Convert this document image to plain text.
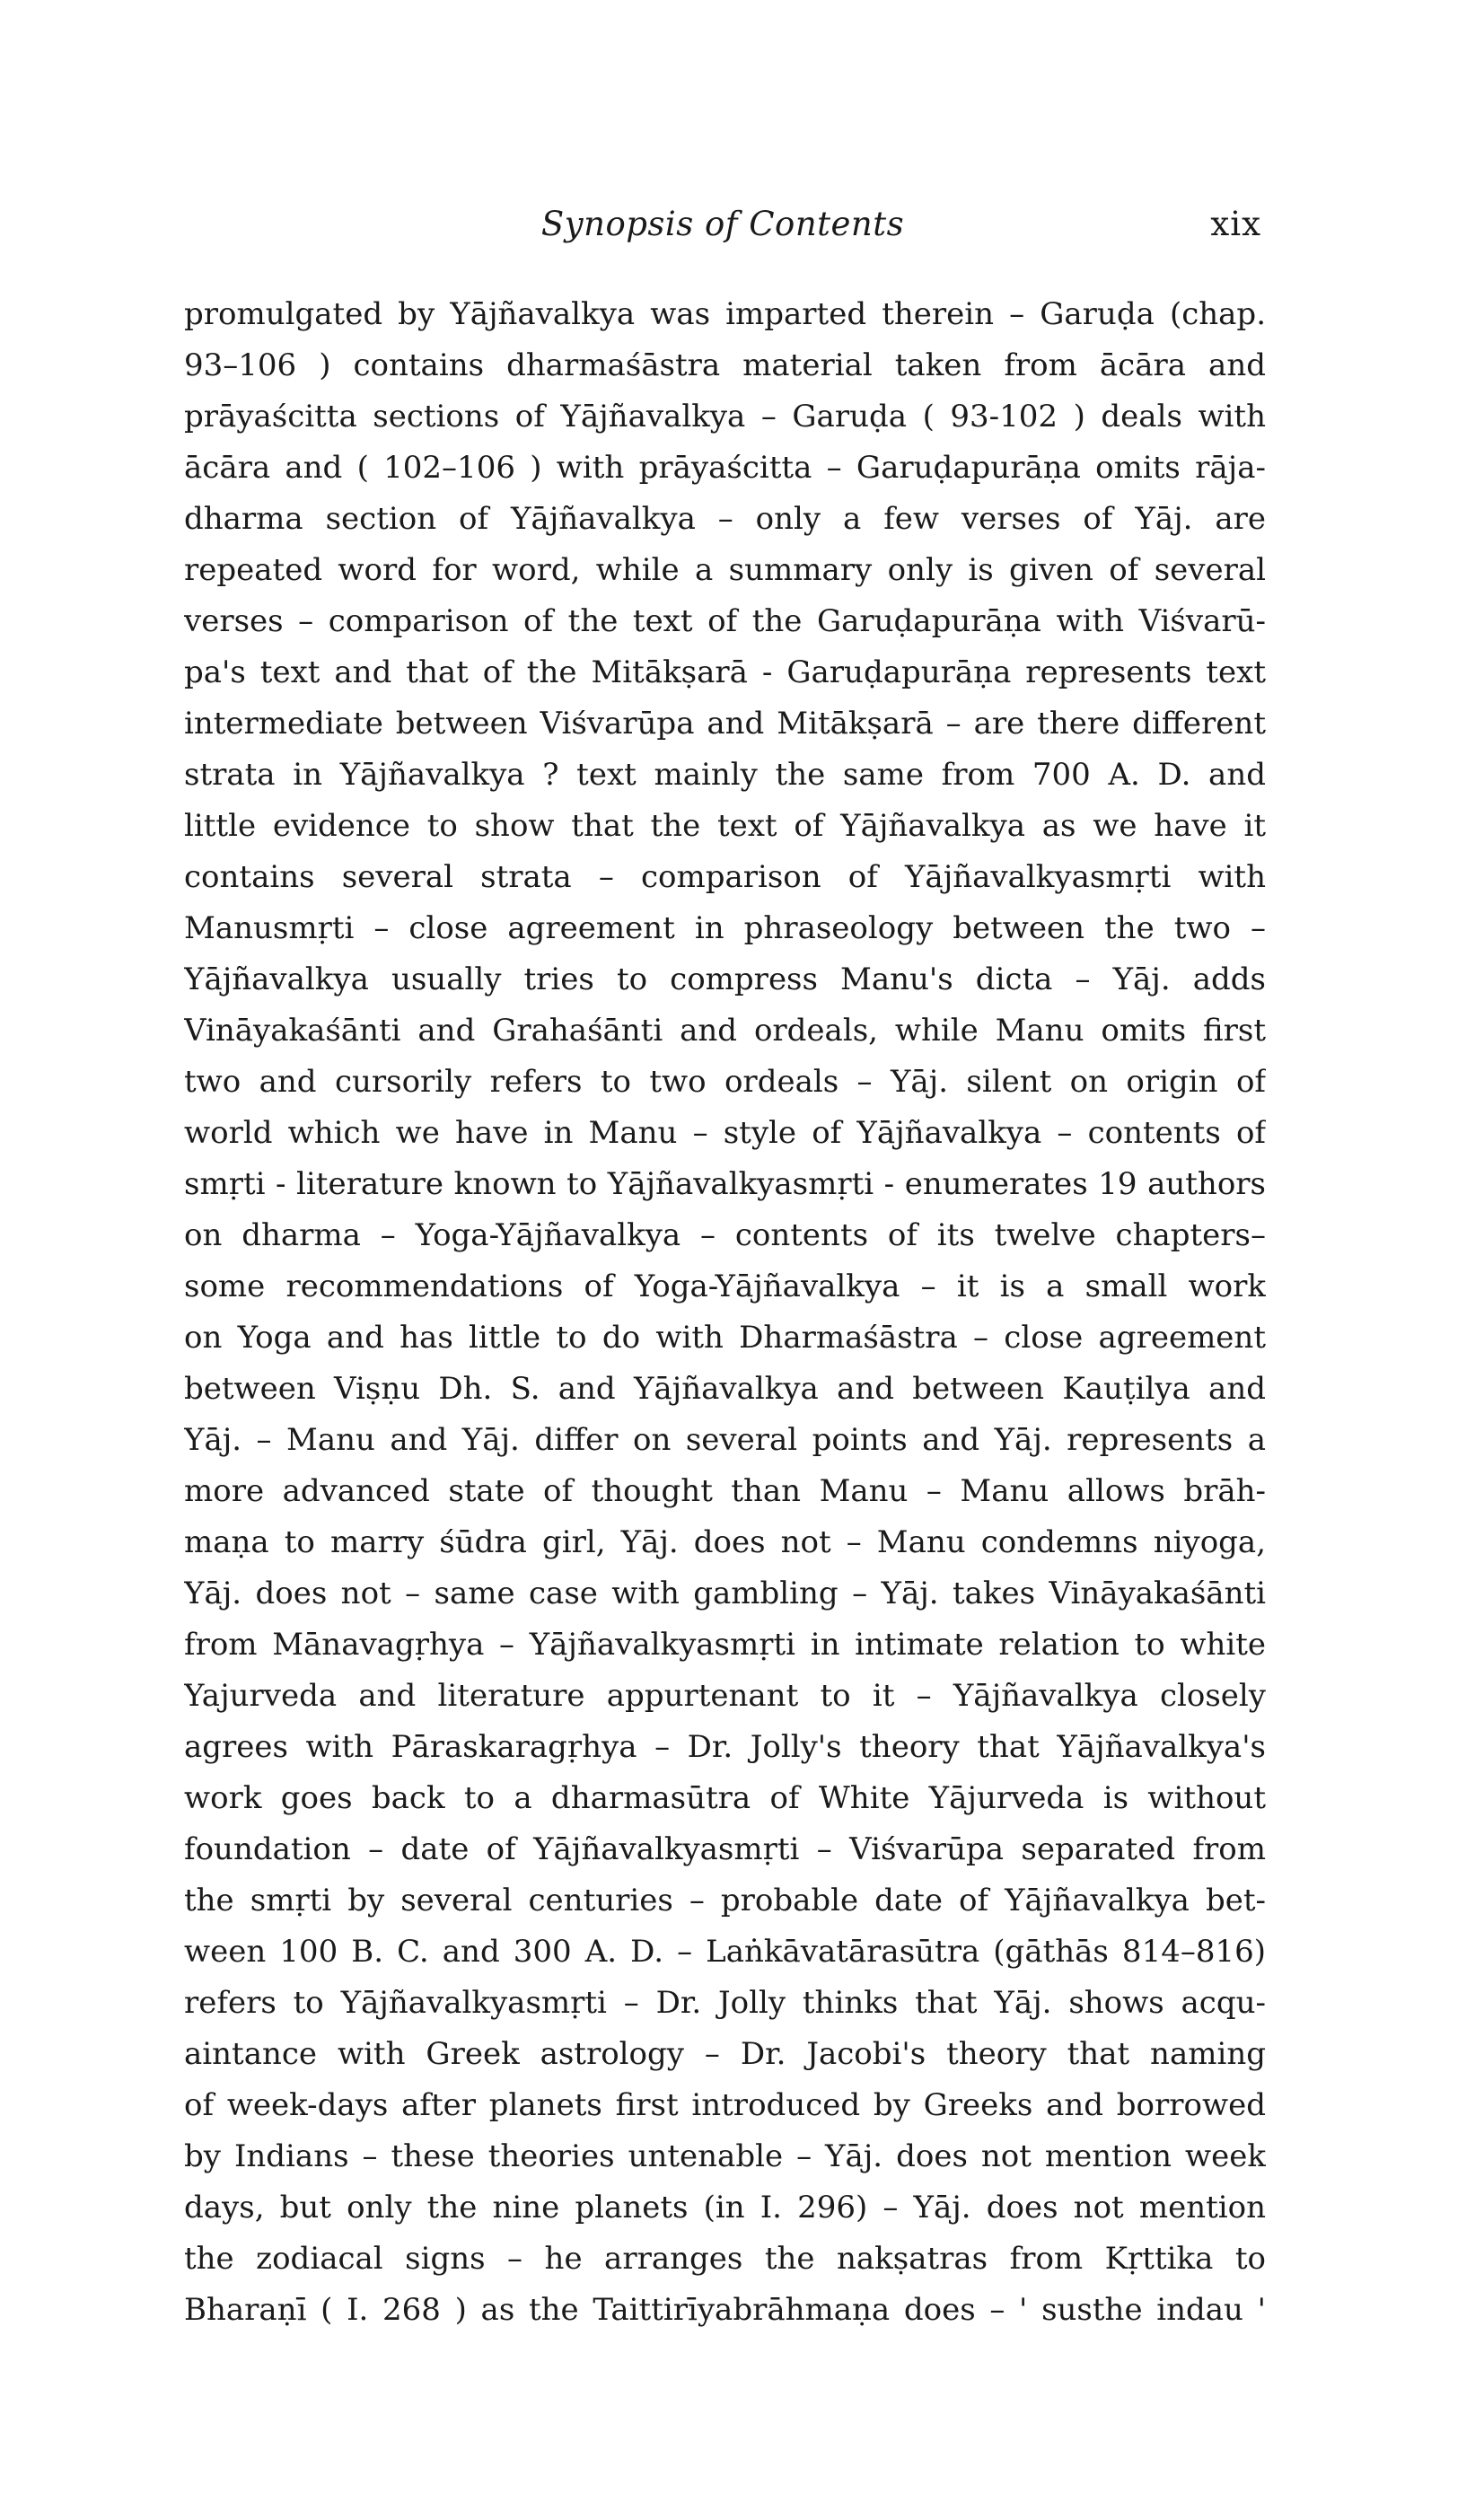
Synopsis of Contents	xix
promulgated by Yājñavalkya was imparted therein – Garuḍa (chap.
93–106 ) contains dharmaśāstra material taken from ācāra and
prāyaścitta sections of Yājñavalkya – Garuḍa ( 93-102 ) deals with
ācāra and ( 102–106 ) with prāyaścitta – Garuḍapurāṇa omits rāja-
dharma section of Yājñavalkya – only a few verses of Yāj. are
repeated word for word, while a summary only is given of several
verses – comparison of the text of the Garuḍapurāṇa with Viśvarū-
pa's text and that of the Mitākṣarā - Garuḍapurāṇa represents text
intermediate between Viśvarūpa and Mitākṣarā – are there different
strata in Yājñavalkya ? text mainly the same from 700 A. D. and
little evidence to show that the text of Yājñavalkya as we have it
contains several strata – comparison of Yājñavalkyasmṛti with
Manusmṛti – close agreement in phraseology between the two –
Yājñavalkya usually tries to compress Manu's dicta – Yāj. adds
Vināyakaśānti and Grahaśānti and ordeals, while Manu omits first
two and cursorily refers to two ordeals – Yāj. silent on origin of
world which we have in Manu – style of Yājñavalkya – contents of
smṛti - literature known to Yājñavalkyasmṛti - enumerates 19 authors
on dharma – Yoga-Yājñavalkya – contents of its twelve chapters–
some recommendations of Yoga-Yājñavalkya – it is a small work
on Yoga and has little to do with Dharmaśāstra – close agreement
between Viṣṇu Dh. S. and Yājñavalkya and between Kauṭilya and
Yāj. – Manu and Yāj. differ on several points and Yāj. represents a
more advanced state of thought than Manu – Manu allows brāh-
maṇa to marry śūdra girl, Yāj. does not – Manu condemns niyoga,
Yāj. does not – same case with gambling – Yāj. takes Vināyakaśānti
from Mānavagṛhya – Yājñavalkyasmṛti in intimate relation to white
Yajurveda and literature appurtenant to it – Yājñavalkya closely
agrees with Pāraskaragṛhya – Dr. Jolly's theory that Yājñavalkya's
work goes back to a dharmasūtra of White Yājurveda is without
foundation – date of Yājñavalkyasmṛti – Viśvarūpa separated from
the smṛti by several centuries – probable date of Yājñavalkya bet-
ween 100 B. C. and 300 A. D. – Laṅkāvatārasūtra (gāthās 814–816)
refers to Yājñavalkyasmṛti – Dr. Jolly thinks that Yāj. shows acqu-
aintance with Greek astrology – Dr. Jacobi's theory that naming
of week-days after planets first introduced by Greeks and borrowed
by Indians – these theories untenable – Yāj. does not mention week
days, but only the nine planets (in I. 296) – Yāj. does not mention
the zodiacal signs – he arranges the nakṣatras from Kṛttika to
Bharaṇī ( I. 268 ) as the Taittirīyabrāhmaṇa does – ' susthe indau '
